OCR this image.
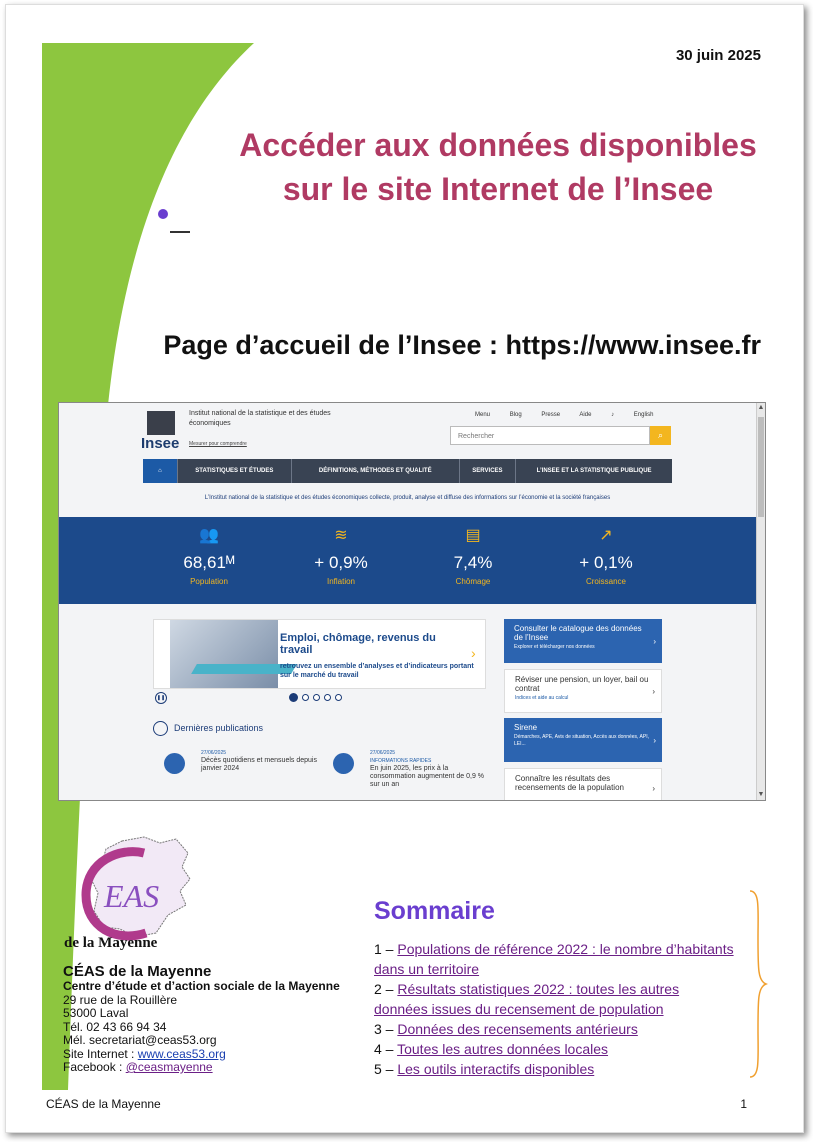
30 juin 2025
Accéder aux données disponibles sur le site Internet de l’Insee
Page d’accueil de l’Insee : https://www.insee.fr
Insee
Institut national de la statistique et des études économiques
Mesurer pour comprendre
Menu	Blog	Presse	Aide	♪	English
Rechercher	⌕
⌂	STATISTIQUES ET ÉTUDES	DÉFINITIONS, MÉTHODES ET QUALITÉ	SERVICES	L’INSEE ET LA STATISTIQUE PUBLIQUE
L’Institut national de la statistique et des études économiques collecte, produit, analyse et diffuse des informations sur l’économie et la société françaises
👥
68,61ᴹ
Population
≋
+ 0,9%
Inflation
▤
7,4%
Chômage
↗
+ 0,1%
Croissance
Emploi, chômage, revenus du travail
retrouvez un ensemble d’analyses et d’indicateurs portant sur le marché du travail
›
❚❚
Dernières publications
27/06/2025
Décès quotidiens et mensuels depuis janvier 2024
27/06/2025
INFORMATIONS RAPIDES
En juin 2025, les prix à la consommation augmentent de 0,9 % sur un an
Consulter le catalogue des données de l’Insee
Explorer et télécharger nos données
›
Réviser une pension, un loyer, bail ou contrat
Indices et aide au calcul
›
Sirene
Démarches, APE, Avis de situation, Accès aux données, API, LEI...	›
Connaître les résultats des recensements de la population	›
▲
▼
EAS
de la Mayenne
CÉAS de la Mayenne
Centre d’étude et d’action sociale de la Mayenne
29 rue de la Rouillère
53000 Laval
Tél. 02 43 66 94 34
Mél. secretariat@ceas53.org
Site Internet : www.ceas53.org
Facebook : @ceasmayenne
Sommaire
1 – Populations de référence 2022 : le nombre d’habitants dans un territoire
2 – Résultats statistiques 2022 : toutes les autres données issues du recensement de population
3 – Données des recensements antérieurs
4 – Toutes les autres données locales
5 – Les outils interactifs disponibles
CÉAS de la Mayenne	1
